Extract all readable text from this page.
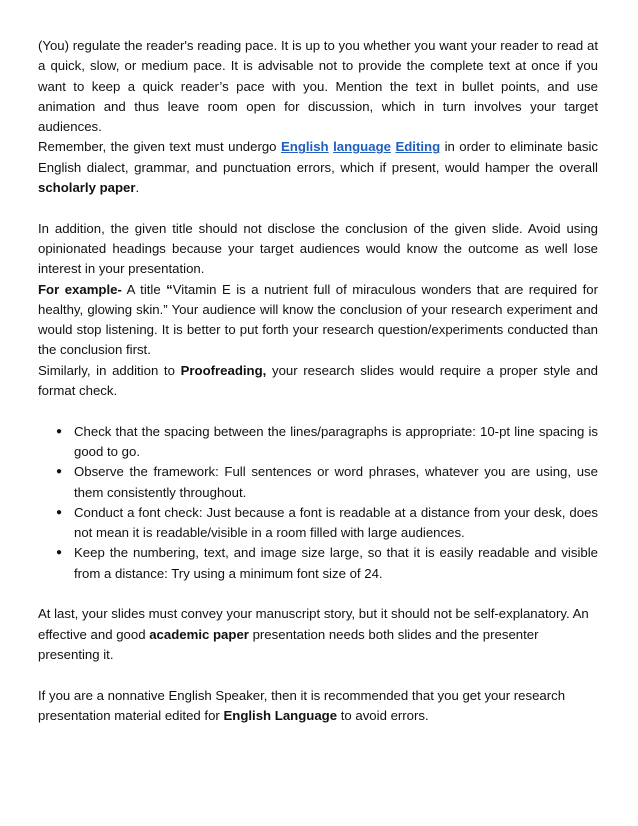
(You) regulate the reader's reading pace. It is up to you whether you want your reader to read at a quick, slow, or medium pace. It is advisable not to provide the complete text at once if you want to keep a quick reader’s pace with you. Mention the text in bullet points, and use animation and thus leave room open for discussion, which in turn involves your target audiences.

Remember, the given text must undergo English language Editing in order to eliminate basic English dialect, grammar, and punctuation errors, which if present, would hamper the overall scholarly paper.

In addition, the given title should not disclose the conclusion of the given slide. Avoid using opinionated headings because your target audiences would know the outcome as well lose interest in your presentation.

For example- A title “Vitamin E is a nutrient full of miraculous wonders that are required for healthy, glowing skin.” Your audience will know the conclusion of your research experiment and would stop listening. It is better to put forth your research question/experiments conducted than the conclusion first.

Similarly, in addition to Proofreading, your research slides would require a proper style and format check.

● Check that the spacing between the lines/paragraphs is appropriate: 10-pt line spacing is good to go.
● Observe the framework: Full sentences or word phrases, whatever you are using, use them consistently throughout.
● Conduct a font check: Just because a font is readable at a distance from your desk, does not mean it is readable/visible in a room filled with large audiences.
● Keep the numbering, text, and image size large, so that it is easily readable and visible from a distance: Try using a minimum font size of 24.

At last, your slides must convey your manuscript story, but it should not be self-explanatory. An effective and good academic paper presentation needs both slides and the presenter presenting it.

If you are a nonnative English Speaker, then it is recommended that you get your research presentation material edited for English Language to avoid errors.
